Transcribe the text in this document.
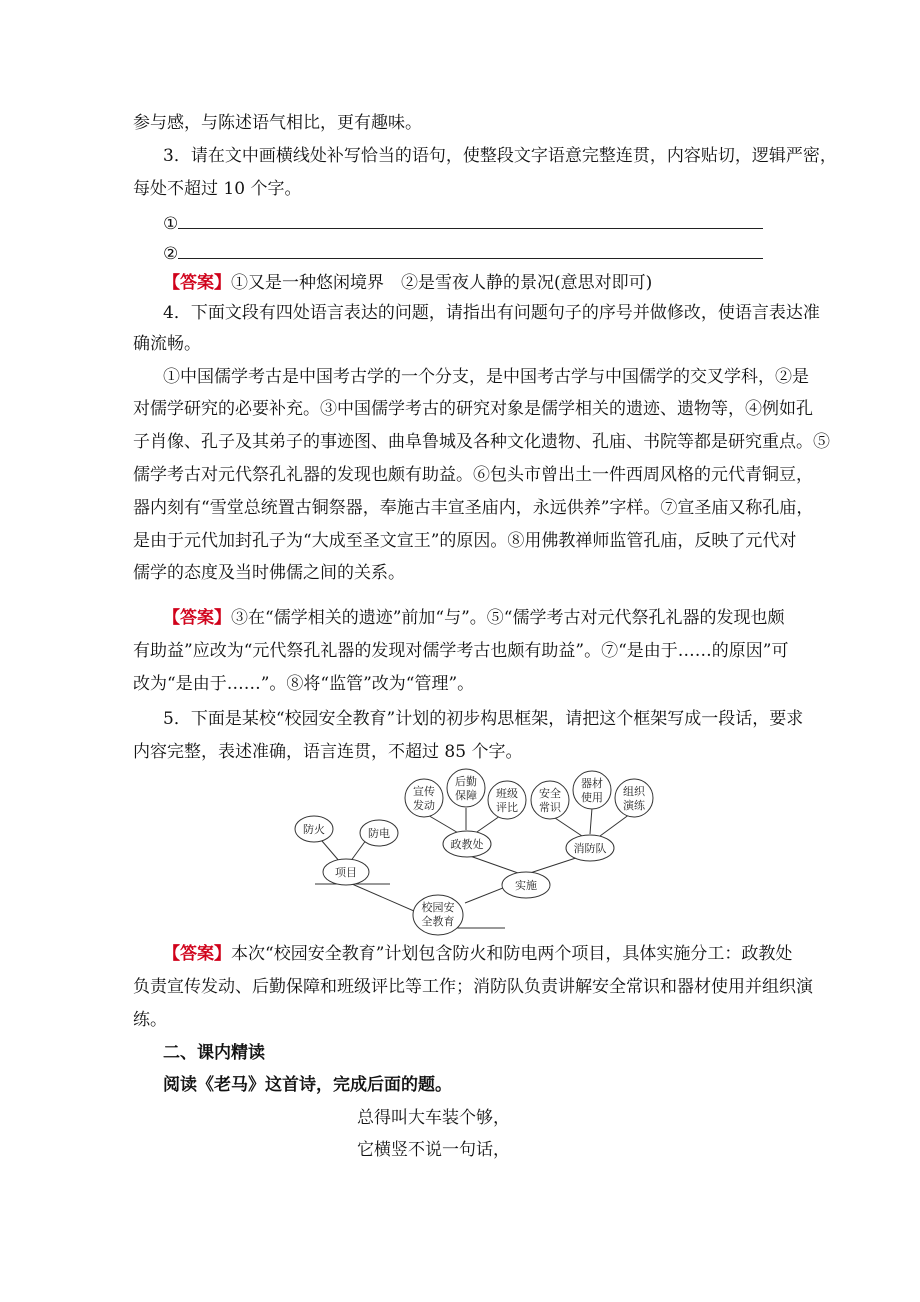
参与感，与陈述语气相比，更有趣味。
3．请在文中画横线处补写恰当的语句，使整段文字语意完整连贯，内容贴切，逻辑严密，
每处不超过 10 个字。
①
②
【答案】①又是一种悠闲境界　②是雪夜人静的景况(意思对即可)
4．下面文段有四处语言表达的问题，请指出有问题句子的序号并做修改，使语言表达准
确流畅。
①中国儒学考古是中国考古学的一个分支，是中国考古学与中国儒学的交叉学科，②是
对儒学研究的必要补充。③中国儒学考古的研究对象是儒学相关的遗迹、遗物等，④例如孔
子肖像、孔子及其弟子的事迹图、曲阜鲁城及各种文化遗物、孔庙、书院等都是研究重点。⑤
儒学考古对元代祭孔礼器的发现也颇有助益。⑥包头市曾出土一件西周风格的元代青铜豆，
器内刻有“雪堂总统置古铜祭器，奉施古丰宣圣庙内，永远供养”字样。⑦宣圣庙又称孔庙，
是由于元代加封孔子为“大成至圣文宣王”的原因。⑧用佛教禅师监管孔庙，反映了元代对
儒学的态度及当时佛儒之间的关系。
【答案】③在“儒学相关的遗迹”前加“与”。⑤“儒学考古对元代祭孔礼器的发现也颇
有助益”应改为“元代祭孔礼器的发现对儒学考古也颇有助益”。⑦“是由于……的原因”可
改为“是由于……”。⑧将“监管”改为“管理”。
5．下面是某校“校园安全教育”计划的初步构思框架，请把这个框架写成一段话，要求
内容完整，表述准确，语言连贯，不超过 85 个字。
防火	防电
项目
校园安
全教育
实施
政教处	消防队
宣传
发动
后勤
保障 班级
评比
安全
常识
器材
使用 组织
演练
【答案】本次“校园安全教育”计划包含防火和防电两个项目，具体实施分工：政教处
负责宣传发动、后勤保障和班级评比等工作；消防队负责讲解安全常识和器材使用并组织演
练。
二、课内精读
阅读《老马》这首诗，完成后面的题。
总得叫大车装个够，
它横竖不说一句话，
